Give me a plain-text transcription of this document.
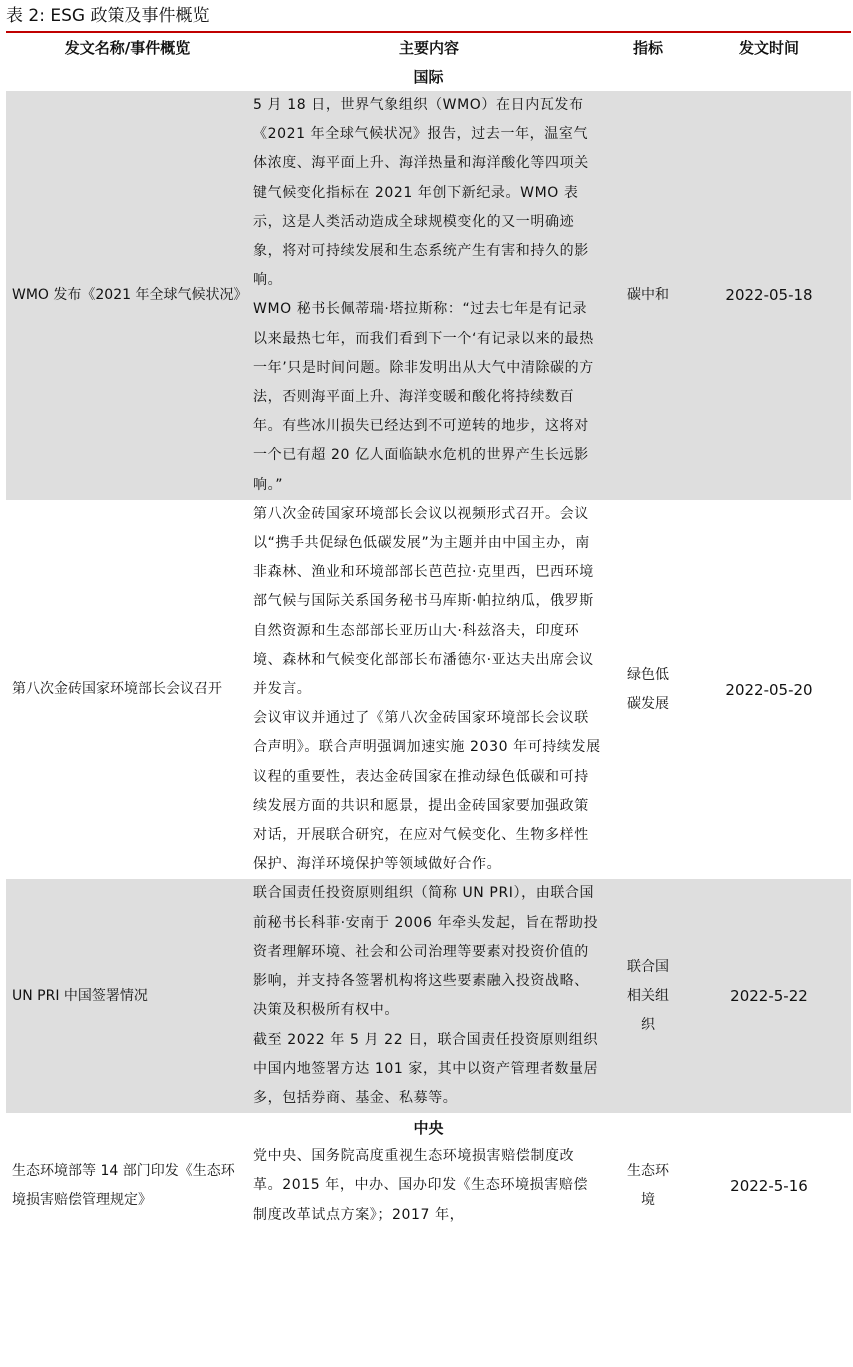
表 2: ESG 政策及事件概览
发文名称/事件概览	主要内容	指标	发文时间
国际			
WMO 发布《2021 年全球气候状况》	5 月 18 日，世界气象组织（WMO）在日内瓦发布《2021 年全球气候状况》报告，过去一年，温室气体浓度、海平面上升、海洋热量和海洋酸化等四项关键气候变化指标在 2021 年创下新纪录。WMO 表示，这是人类活动造成全球规模变化的又一明确迹象，将对可持续发展和生态系统产生有害和持久的影响。

WMO 秘书长佩蒂瑞·塔拉斯称：“过去七年是有记录以来最热七年，而我们看到下一个‘有记录以来的最热一年’只是时间问题。除非发明出从大气中清除碳的方法，否则海平面上升、海洋变暖和酸化将持续数百年。有些冰川损失已经达到不可逆转的地步，这将对一个已有超 20 亿人面临缺水危机的世界产生长远影响。”	碳中和	2022-05-18
第八次金砖国家环境部长会议召开	第八次金砖国家环境部长会议以视频形式召开。会议以“携手共促绿色低碳发展”为主题并由中国主办，南非森林、渔业和环境部部长芭芭拉·克里西，巴西环境部气候与国际关系国务秘书马库斯·帕拉纳瓜，俄罗斯自然资源和生态部部长亚历山大·科兹洛夫，印度环境、森林和气候变化部部长布潘德尔·亚达夫出席会议并发言。

会议审议并通过了《第八次金砖国家环境部长会议联合声明》。联合声明强调加速实施 2030 年可持续发展议程的重要性，表达金砖国家在推动绿色低碳和可持续发展方面的共识和愿景，提出金砖国家要加强政策对话，开展联合研究，在应对气候变化、生物多样性保护、海洋环境保护等领域做好合作。	绿色低碳发展	2022-05-20
UN PRI 中国签署情况	联合国责任投资原则组织（简称 UN PRI），由联合国前秘书长科菲·安南于 2006 年牵头发起，旨在帮助投资者理解环境、社会和公司治理等要素对投资价值的影响，并支持各签署机构将这些要素融入投资战略、决策及积极所有权中。

截至 2022 年 5 月 22 日，联合国责任投资原则组织中国内地签署方达 101 家，其中以资产管理者数量居多，包括券商、基金、私募等。	联合国相关组织	2022-5-22
中央			
生态环境部等 14 部门印发《生态环境损害赔偿管理规定》	党中央、国务院高度重视生态环境损害赔偿制度改革。2015 年，中办、国办印发《生态环境损害赔偿制度改革试点方案》；2017 年，	生态环境	2022-5-16
